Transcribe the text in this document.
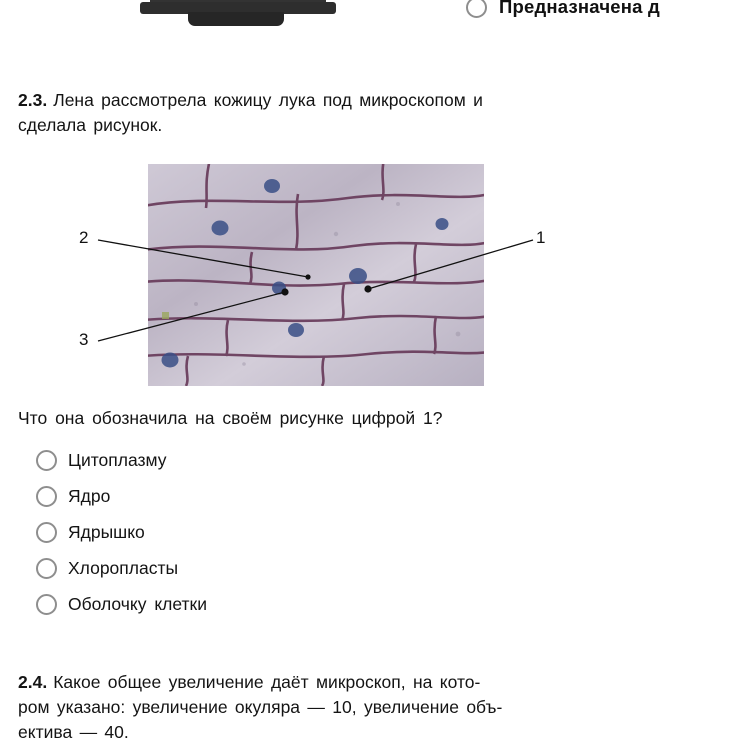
Предназначена д
2.3. Лена рассмотрела кожицу лука под микроскопом и
сделала рисунок.
2
3
1
Что она обозначила на своём рисунке цифрой 1?
Цитоплазму
Ядро
Ядрышко
Хлоропласты
Оболочку клетки
2.4. Какое общее увеличение даёт микроскоп, на кото-
ром указано: увеличение окуляра — 10, увеличение объ-
ектива — 40.
